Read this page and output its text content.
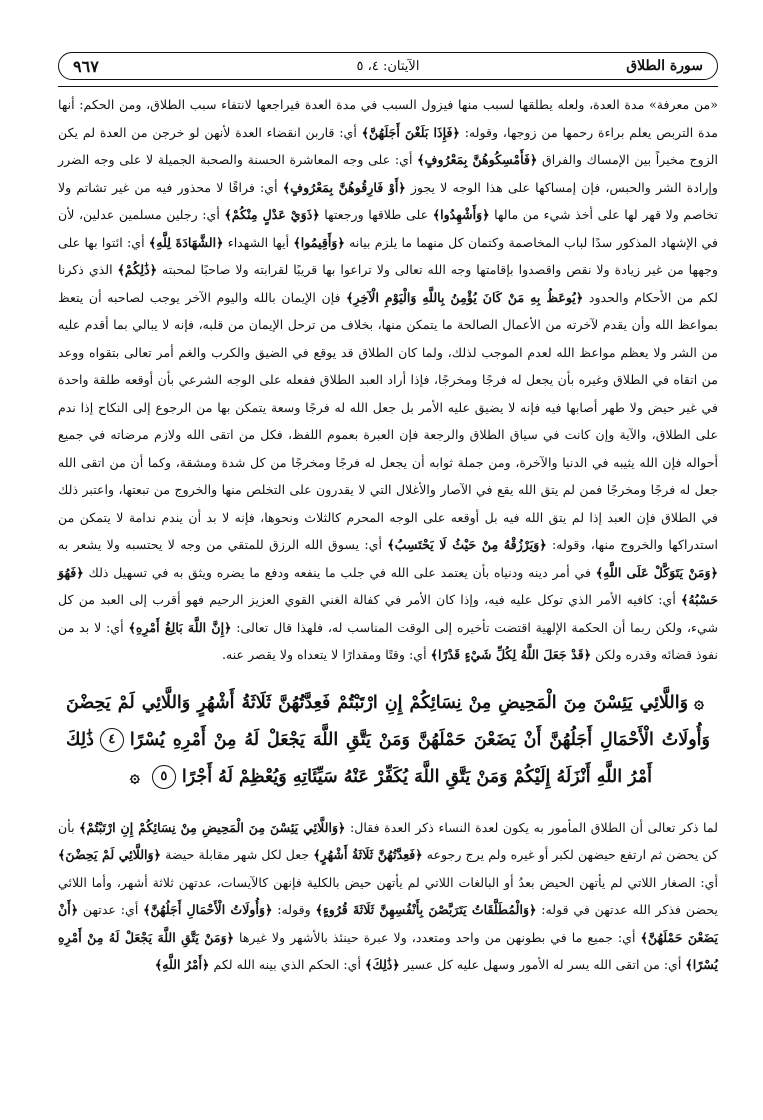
سورة الطلاق
الآيتان: ٤، ٥
٩٦٧

«من معرفة» مدة العدة، ولعله يطلقها لسبب منها فيزول السبب في مدة العدة فيراجعها لانتفاء سبب الطلاق، ومن الحكم: أنها مدة التربص يعلم براءة رحمها من زوجها، وقوله: ﴿فَإِذَا بَلَغْنَ أَجَلَهُنَّ﴾ أي: قاربن انقضاء العدة لأنهن لو خرجن من العدة لم يكن الزوج مخيراً بين الإمساك والفراق ﴿فَأَمْسِكُوهُنَّ بِمَعْرُوفٍ﴾ أي: على وجه المعاشرة الحسنة والصحبة الجميلة لا على وجه الضرر وإرادة الشر والحبس، فإن إمساكها على هذا الوجه لا يجوز ﴿أَوْ فَارِقُوهُنَّ بِمَعْرُوفٍ﴾ أي: فراقًا لا محذور فيه من غير تشاتم ولا تخاصم ولا قهر لها على أخذ شيء من مالها ﴿وَأَشْهِدُوا﴾ على طلاقها ورجعتها ﴿ذَوَيْ عَدْلٍ مِنْكُمْ﴾ أي: رجلين مسلمين عدلين، لأن في الإشهاد المذكور سدًا لباب المخاصمة وكتمان كل منهما ما يلزم بيانه ﴿وَأَقِيمُوا﴾ أيها الشهداء ﴿الشَّهَادَةَ لِلَّهِ﴾ أي: ائتوا بها على وجهها من غير زيادة ولا نقص واقصدوا بإقامتها وجه الله تعالى ولا تراعوا بها قريبًا لقرابته ولا صاحبًا لمحبته ﴿ذَٰلِكُمْ﴾ الذي ذكرنا لكم من الأحكام والحدود ﴿يُوعَظُ بِهِ مَنْ كَانَ يُؤْمِنُ بِاللَّهِ وَالْيَوْمِ الْآخِرِ﴾ فإن الإيمان بالله واليوم الآخر يوجب لصاحبه أن يتعظ بمواعظ الله وأن يقدم لآخرته من الأعمال الصالحة ما يتمكن منها، بخلاف من ترحل الإيمان من قلبه، فإنه لا يبالي بما أقدم عليه من الشر ولا يعظم مواعظ الله لعدم الموجب لذلك، ولما كان الطلاق قد يوقع في الضيق والكرب والغم أمر تعالى بتقواه ووعد من اتقاه في الطلاق وغيره بأن يجعل له فرجًا ومخرجًا، فإذا أراد العبد الطلاق ففعله على الوجه الشرعي بأن أوقعه طلقة واحدة في غير حيض ولا طهر أصابها فيه فإنه لا يضيق عليه الأمر بل جعل الله له فرجًا وسعة يتمكن بها من الرجوع إلى النكاح إذا ندم على الطلاق، والآية وإن كانت في سياق الطلاق والرجعة فإن العبرة بعموم اللفظ، فكل من اتقى الله ولازم مرضاته في جميع أحواله فإن الله يثيبه في الدنيا والآخرة، ومن جملة ثوابه أن يجعل له فرجًا ومخرجًا من كل شدة ومشقة، وكما أن من اتقى الله جعل له فرجًا ومخرجًا فمن لم يتق الله يقع في الآصار والأغلال التي لا يقدرون على التخلص منها والخروج من تبعتها، واعتبر ذلك في الطلاق فإن العبد إذا لم يتق الله فيه بل أوقعه على الوجه المحرم كالثلاث ونحوها، فإنه لا بد أن يندم ندامة لا يتمكن من استدراكها والخروج منها، وقوله: ﴿وَيَرْزُقْهُ مِنْ حَيْثُ لَا يَحْتَسِبُ﴾ أي: يسوق الله الرزق للمتقي من وجه لا يحتسبه ولا يشعر به ﴿وَمَنْ يَتَوَكَّلْ عَلَى اللَّهِ﴾ في أمر دينه ودنياه بأن يعتمد على الله في جلب ما ينفعه ودفع ما يضره ويثق به في تسهيل ذلك ﴿فَهُوَ حَسْبُهُ﴾ أي: كافيه الأمر الذي توكل عليه فيه، وإذا كان الأمر في كفالة الغني القوي العزيز الرحيم فهو أقرب إلى العبد من كل شيء، ولكن ربما أن الحكمة الإلهية اقتضت تأخيره إلى الوقت المناسب له، فلهذا قال تعالى: ﴿إِنَّ اللَّهَ بَالِغُ أَمْرِهِ﴾ أي: لا بد من نفوذ قضائه وقدره ولكن ﴿قَدْ جَعَلَ اللَّهُ لِكُلِّ شَيْءٍ قَدْرًا﴾ أي: وقتًا ومقدارًا لا يتعداه ولا يقصر عنه.

۞وَاللَّائِي يَئِسْنَ مِنَ الْمَحِيضِ مِنْ نِسَائِكُمْ إِنِ ارْتَبْتُمْ فَعِدَّتُهُنَّ ثَلَاثَةُ أَشْهُرٍ وَاللَّائِي لَمْ يَحِضْنَ وَأُولَاتُ الْأَحْمَالِ أَجَلُهُنَّ أَنْ يَضَعْنَ حَمْلَهُنَّ وَمَنْ يَتَّقِ اللَّهَ يَجْعَلْ لَهُ مِنْ أَمْرِهِ يُسْرًا٤ذَٰلِكَ أَمْرُ اللَّهِ أَنْزَلَهُ إِلَيْكُمْ وَمَنْ يَتَّقِ اللَّهَ يُكَفِّرْ عَنْهُ سَيِّئَاتِهِ وَيُعْظِمْ لَهُ أَجْرًا٥۞

لما ذكر تعالى أن الطلاق المأمور به يكون لعدة النساء ذكر العدة فقال: ﴿وَاللَّائِي يَئِسْنَ مِنَ الْمَحِيضِ مِنْ نِسَائِكُمْ إِنِ ارْتَبْتُمْ﴾ بأن كن يحضن ثم ارتفع حيضهن لكبر أو غيره ولم يرج رجوعه ﴿فَعِدَّتُهُنَّ ثَلَاثَةُ أَشْهُرٍ﴾ جعل لكل شهر مقابلة حيضة ﴿وَاللَّائِي لَمْ يَحِضْنَ﴾ أي: الصغار اللاتي لم يأتهن الحيض بعدُ أو البالغات اللاتي لم يأتهن حيض بالكلية فإنهن كالآيسات، عدتهن ثلاثة أشهر، وأما اللائي يحضن فذكر الله عدتهن في قوله: ﴿وَالْمُطَلَّقَاتُ يَتَرَبَّصْنَ بِأَنْفُسِهِنَّ ثَلَاثَةَ قُرُوءٍ﴾ وقوله: ﴿وَأُولَاتُ الْأَحْمَالِ أَجَلُهُنَّ﴾ أي: عدتهن ﴿أَنْ يَضَعْنَ حَمْلَهُنَّ﴾ أي: جميع ما في بطونهن من واحد ومتعدد، ولا عبرة حينئذ بالأشهر ولا غيرها ﴿وَمَنْ يَتَّقِ اللَّهَ يَجْعَلْ لَهُ مِنْ أَمْرِهِ يُسْرًا﴾ أي: من اتقى الله يسر له الأمور وسهل عليه كل عسير ﴿ذَٰلِكَ﴾ أي: الحكم الذي بينه الله لكم ﴿أَمْرُ اللَّهِ﴾
